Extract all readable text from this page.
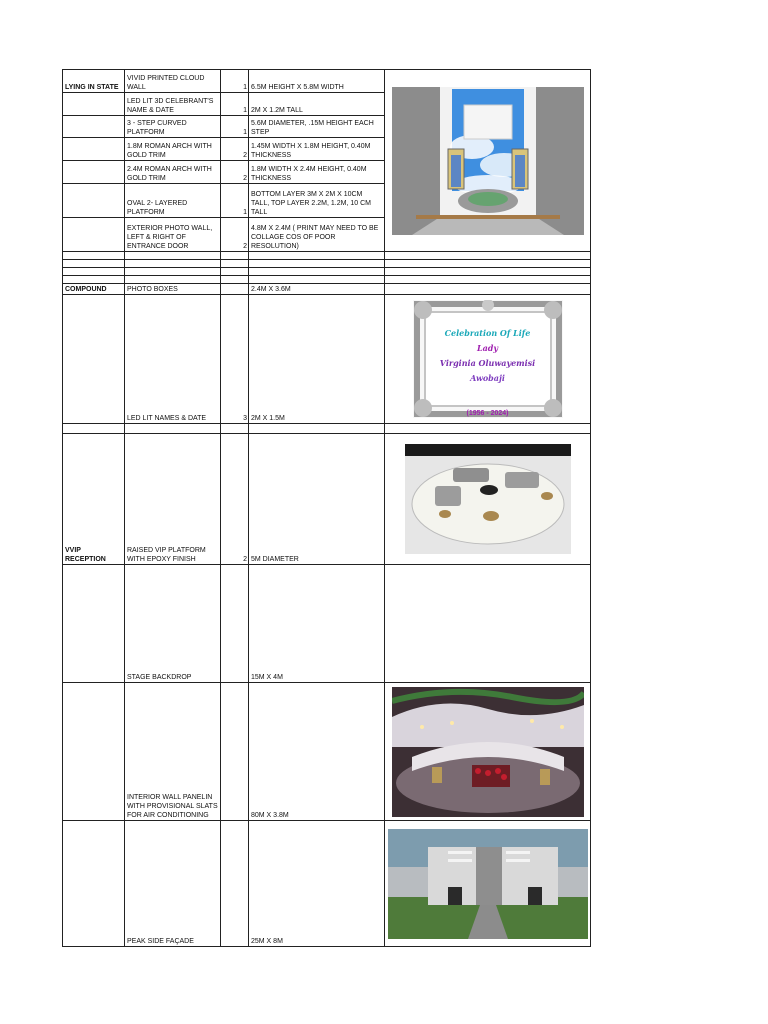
LYING IN STATE	VIVID PRINTED CLOUD WALL	1	6.5M HEIGHT X 5.8M WIDTH	

	LED LIT 3D CELEBRANT'S NAME & DATE	1	2M X 1.2M TALL	
	3 - STEP CURVED PLATFORM	1	5.6M DIAMETER, .15M HEIGHT EACH STEP	
	1.8M ROMAN ARCH WITH GOLD TRIM	2	1.45M WIDTH X 1.8M HEIGHT, 0.40M THICKNESS	
	2.4M ROMAN ARCH WITH GOLD TRIM	2	1.8M WIDTH X 2.4M HEIGHT, 0.40M THICKNESS	
	OVAL 2- LAYERED PLATFORM	1	BOTTOM LAYER 3M X 2M X 10CM TALL, TOP LAYER 2.2M, 1.2M, 10 CM TALL	
	EXTERIOR PHOTO WALL, LEFT & RIGHT OF ENTRANCE DOOR	2	4.8M X 2.4M ( PRINT MAY NEED TO BE COLLAGE COS OF POOR RESOLUTION)	

COMPOUND	PHOTO BOXES		2.4M X 3.6M	
	LED LIT NAMES & DATE	3	2M X 1.5M	Celebration Of Life
Lady
Virginia Oluwayemisi
Awobaji
(1956 - 2024)

VVIP RECEPTION	RAISED VIP PLATFORM WITH EPOXY FINISH	2	5M DIAMETER	

	STAGE BACKDROP		15M X 4M	
	INTERIOR WALL PANELIN WITH PROVISIONAL SLATS FOR AIR CONDITIONING		80M X 3.8M	

	PEAK SIDE FAÇADE		25M X 8M	
